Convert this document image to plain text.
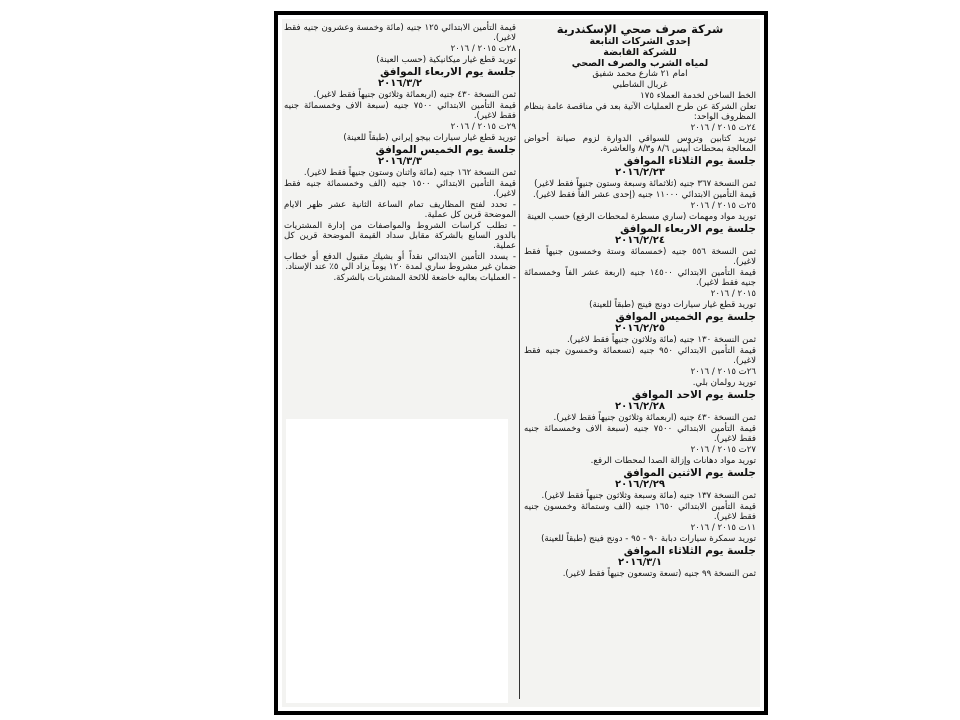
شركة صرف صحي الإسكندرية
إحدى الشركات التابعة
للشركة القابضة
لمياه الشرب والصرف الصحي
امام ٢١ شارع محمد شفيق
غربال الشاطبي
الخط الساخن لخدمة العملاء ١٧٥
تعلن الشركة عن طرح العمليات الآتية بعد في مناقصة عامة بنظام المظروف الواحد:
٢٤ت ٢٠١٥ / ٢٠١٦
توريد كتابين وتروس للسواقي الدوارة لزوم صيانة أحواض المعالجة بمحطات أبيس ٨/٦ و٨/٣ والعاشرة.
جلسة يوم الثلاثاء الموافق
٢٠١٦/٢/٢٣
ثمن النسخة ٣٦٧ جنيه (ثلاثمائة وسبعة وستون جنيهاً فقط لاغير)
قيمة التأمين الابتدائي ١١٠٠٠ جنيه (إحدى عشر الفاً فقط لاغير).
٢٥ت ٢٠١٥ / ٢٠١٦
توريد مواد ومهمات (ساري مسطرة لمحطات الرفع) حسب العينة
جلسة يوم الاربعاء الموافق
٢٠١٦/٢/٢٤
ثمن النسخة ٥٥٦ جنيه (خمسمائة وستة وخمسون جنيهاً فقط لاغير).
قيمة التأمين الابتدائي ١٤٥٠٠ جنيه (اربعة عشر الفاً وخمسمائة جنيه فقط لاغير).
٢٠١٥ / ٢٠١٦
توريد قطع غيار سيارات دونج فينج (طبقاً للعينة)
جلسة يوم الخميس الموافق
٢٠١٦/٢/٢٥
ثمن النسخة ١٣٠ جنيه (مائة وثلاثون جنيهاً فقط لاغير).
قيمة التأمين الابتدائي ٩٥٠ جنيه (تسعمائة وخمسون جنيه فقط لاغير).
٢٦ت ٢٠١٥ / ٢٠١٦
توريد رولمان بلي.
جلسة يوم الاحد الموافق
٢٠١٦/٢/٢٨
ثمن النسخة ٤٣٠ جنيه (اربعمائة وثلاثون جنيهاً فقط لاغير).
قيمة التأمين الابتدائي ٧٥٠٠ جنيه (سبعة الاف وخمسمائة جنيه فقط لاغير).
٢٧ت ٢٠١٥ / ٢٠١٦
توريد مواد دهانات وإزالة الصدا لمحطات الرفع.
جلسة يوم الاثنين الموافق
٢٠١٦/٢/٢٩
ثمن النسخة ١٣٧ جنيه (مائة وسبعة وثلاثون جنيهاً فقط لاغير).
قيمة التأمين الابتدائي ١٦٥٠ جنيه (الف وستمائة وخمسون جنيه فقط لاغير).
١١ت ٢٠١٥ / ٢٠١٦
توريد سمكرة سيارات دبابة ٩٠ - ٩٥ - دونج فينج (طبقاً للعينة)
جلسة يوم الثلاثاء الموافق
٢٠١٦/٣/١
ثمن النسخة ٩٩ جنيه (تسعة وتسعون جنيهاً فقط لاغير).
قيمة التأمين الابتدائي ١٢٥ جنيه (مائة وخمسة وعشرون جنيه فقط لاغير).
٢٨ت ٢٠١٥ / ٢٠١٦
توريد قطع غيار ميكانيكية (حسب العينة)
جلسة يوم الاربعاء الموافق
٢٠١٦/٣/٢
ثمن النسخة ٤٣٠ جنيه (اربعمائة وثلاثون جنيهاً فقط لاغير).
قيمة التأمين الابتدائي ٧٥٠٠ جنيه (سبعة الاف وخمسمائة جنيه فقط لاغير).
٢٩ت ٢٠١٥ / ٢٠١٦
توريد قطع غيار سيارات بيجو إيراني (طبقاً للعينة)
جلسة يوم الخميس الموافق
٢٠١٦/٣/٣
ثمن النسخة ١٦٢ جنيه (مائة واثنان وستون جنيهاً فقط لاغير).
قيمة التأمين الابتدائي ١٥٠٠ جنيه (الف وخمسمائة جنيه فقط لاغير).
- تحدد لفتح المظاريف تمام الساعة الثانية عشر ظهر الايام الموضحة قرين كل عملية.
- تطلب كراسات الشروط والمواصفات من إدارة المشتريات بالدور السابع بالشركة مقابل سداد القيمة الموضحة قرين كل عملية.
- يسدد التأمين الابتدائي نقداً أو بشيك مقبول الدفع أو خطاب ضمان غير مشروط ساري لمدة ١٢٠ يوماً يزاد الي ٥٪ عند الإسناد.
- العمليات بعاليه خاضعة للائحة المشتريات بالشركة.
